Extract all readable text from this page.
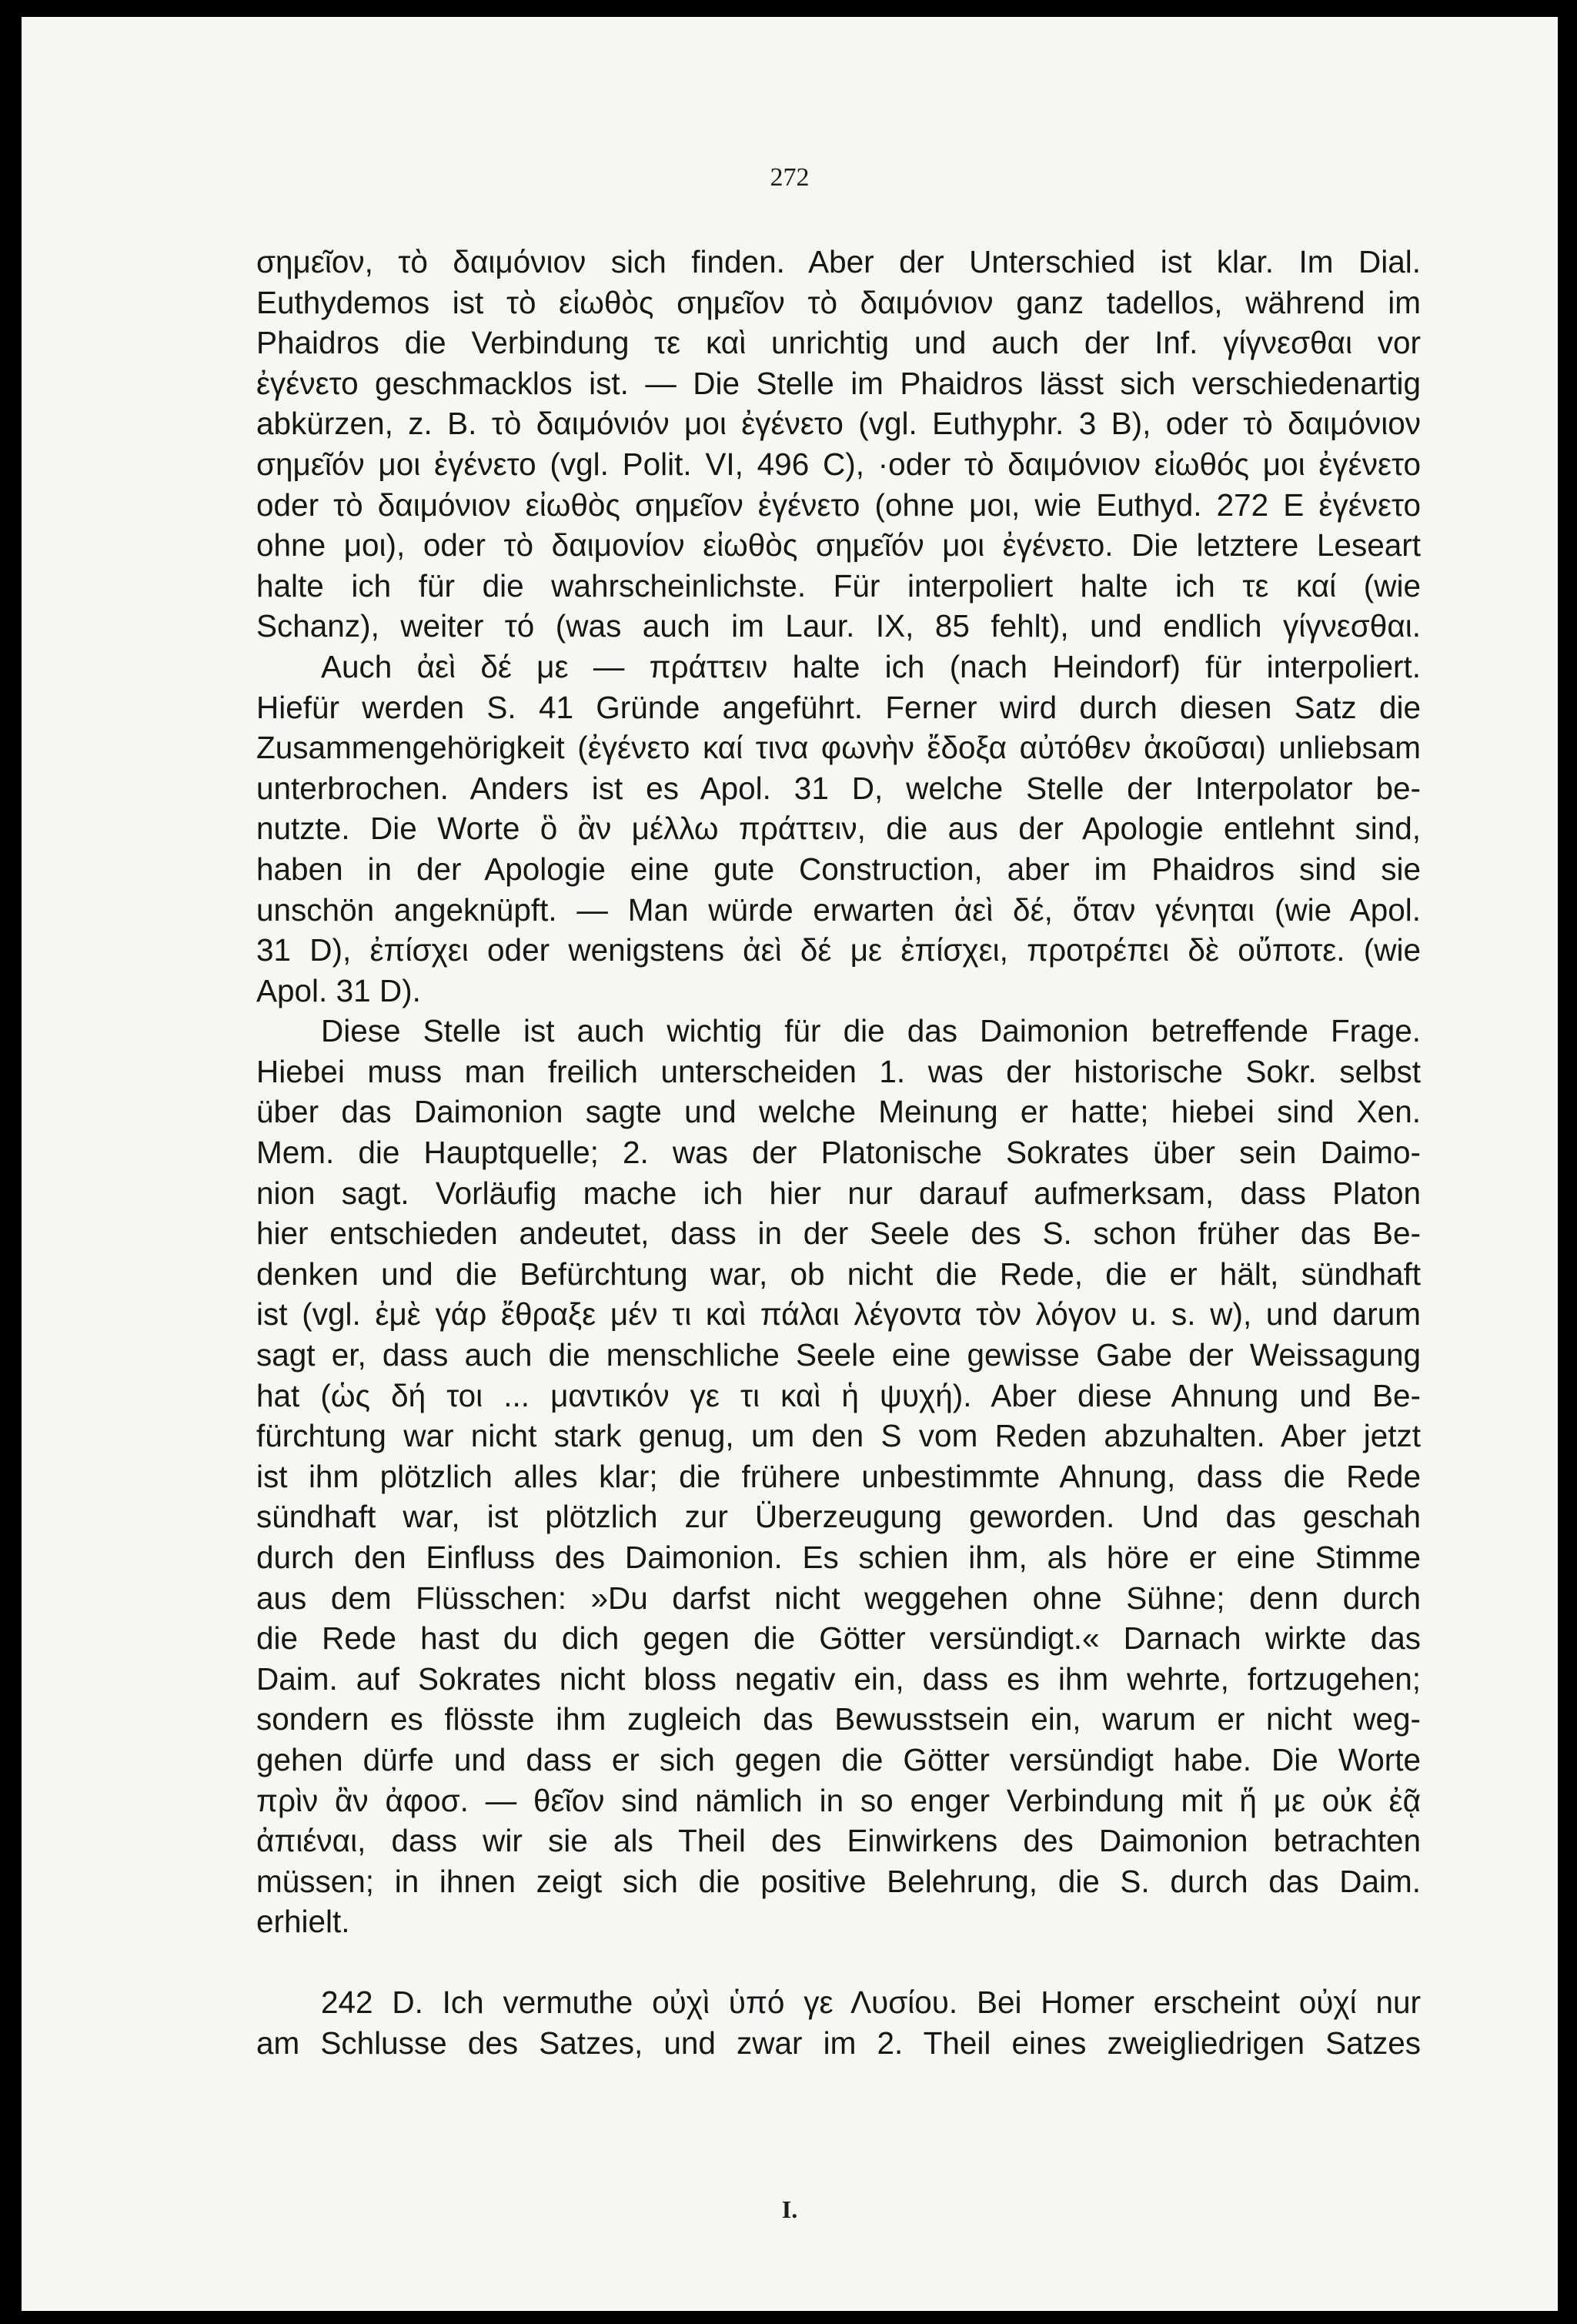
272
σημεῖον, τὸ δαιμόνιον sich finden. Aber der Unterschied ist klar. Im Dial.
Euthydemos ist τὸ εἰωθὸς σημεῖον τὸ δαιμόνιον ganz tadellos, während im
Phaidros die Verbindung τε καὶ unrichtig und auch der Inf. γίγνεσθαι vor
ἐγένετο geschmacklos ist. — Die Stelle im Phaidros lässt sich verschiedenartig
abkürzen, z. B. τὸ δαιμόνιόν μοι ἐγένετο (vgl. Euthyphr. 3 B), oder τὸ δαιμόνιον
σημεῖόν μοι ἐγένετο (vgl. Polit. VI, 496 C), ·oder τὸ δαιμόνιον εἰωθός μοι ἐγένετο
oder τὸ δαιμόνιον εἰωθὸς σημεῖον ἐγένετο (ohne μοι, wie Euthyd. 272 E ἐγένετο
ohne μοι), oder τὸ δαιμονίον εἰωθὸς σημεῖόν μοι ἐγένετο. Die letztere Leseart
halte ich für die wahrscheinlichste. Für interpoliert halte ich τε καί (wie
Schanz), weiter τό (was auch im Laur. IX, 85 fehlt), und endlich γίγνεσθαι.
Auch ἀεὶ δέ με — πράττειν halte ich (nach Heindorf) für interpoliert.
Hiefür werden S. 41 Gründe angeführt. Ferner wird durch diesen Satz die
Zusammengehörigkeit (ἐγένετο καί τινα φωνὴν ἔδοξα αὐτόθεν ἀκοῦσαι) unliebsam
unterbrochen. Anders ist es Apol. 31 D, welche Stelle der Interpolator be-
nutzte. Die Worte ὃ ἂν μέλλω πράττειν, die aus der Apologie entlehnt sind,
haben in der Apologie eine gute Construction, aber im Phaidros sind sie
unschön angeknüpft. — Man würde erwarten ἀεὶ δέ, ὅταν γένηται (wie Apol.
31 D), ἐπίσχει oder wenigstens ἀεὶ δέ με ἐπίσχει, προτρέπει δὲ οὔποτε. (wie
Apol. 31 D).
Diese Stelle ist auch wichtig für die das Daimonion betreffende Frage.
Hiebei muss man freilich unterscheiden 1. was der historische Sokr. selbst
über das Daimonion sagte und welche Meinung er hatte; hiebei sind Xen.
Mem. die Hauptquelle; 2. was der Platonische Sokrates über sein Daimo-
nion sagt. Vorläufig mache ich hier nur darauf aufmerksam, dass Platon
hier entschieden andeutet, dass in der Seele des S. schon früher das Be-
denken und die Befürchtung war, ob nicht die Rede, die er hält, sündhaft
ist (vgl. ἐμὲ γάρ ἔθραξε μέν τι καὶ πάλαι λέγοντα τὸν λόγον u. s. w), und darum
sagt er, dass auch die menschliche Seele eine gewisse Gabe der Weissagung
hat (ὡς δή τοι ... μαντικόν γε τι καὶ ἡ ψυχή). Aber diese Ahnung und Be-
fürchtung war nicht stark genug, um den S vom Reden abzuhalten. Aber jetzt
ist ihm plötzlich alles klar; die frühere unbestimmte Ahnung, dass die Rede
sündhaft war, ist plötzlich zur Überzeugung geworden. Und das geschah
durch den Einfluss des Daimonion. Es schien ihm, als höre er eine Stimme
aus dem Flüsschen: »Du darfst nicht weggehen ohne Sühne; denn durch
die Rede hast du dich gegen die Götter versündigt.« Darnach wirkte das
Daim. auf Sokrates nicht bloss negativ ein, dass es ihm wehrte, fortzugehen;
sondern es flösste ihm zugleich das Bewusstsein ein, warum er nicht weg-
gehen dürfe und dass er sich gegen die Götter versündigt habe. Die Worte
πρὶν ἂν ἀφοσ. — θεῖον sind nämlich in so enger Verbindung mit ἥ με οὐκ ἐᾷ
ἀπιέναι, dass wir sie als Theil des Einwirkens des Daimonion betrachten
müssen; in ihnen zeigt sich die positive Belehrung, die S. durch das Daim.
erhielt.
242 D. Ich vermuthe οὐχὶ ὑπό γε Λυσίου. Bei Homer erscheint οὐχί nur
am Schlusse des Satzes, und zwar im 2. Theil eines zweigliedrigen Satzes
I.
